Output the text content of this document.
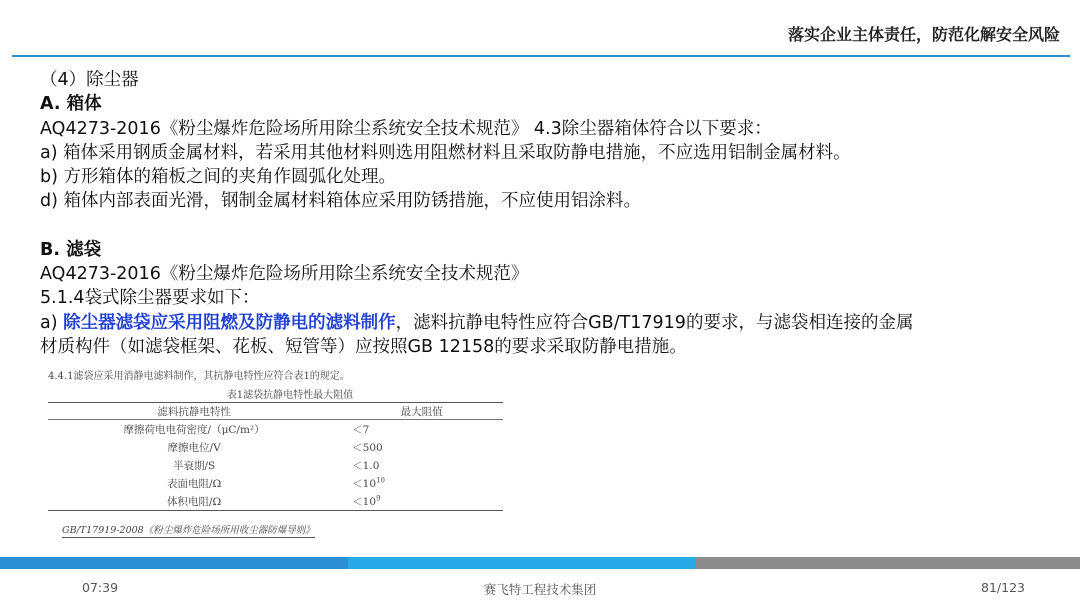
落实企业主体责任，防范化解安全风险

（4）除尘器

A. 箱体

AQ4273-2016《粉尘爆炸危险场所用除尘系统安全技术规范》 4.3除尘器箱体符合以下要求：

a) 箱体采用钢质金属材料，若采用其他材料则选用阻燃材料且采取防静电措施，不应选用铝制金属材料。

b) 方形箱体的箱板之间的夹角作圆弧化处理。

d) 箱体内部表面光滑，钢制金属材料箱体应采用防锈措施，不应使用铝涂料。

B. 滤袋

AQ4273-2016《粉尘爆炸危险场所用除尘系统安全技术规范》

5.1.4袋式除尘器要求如下：

a) 除尘器滤袋应采用阻燃及防静电的滤料制作，滤料抗静电特性应符合GB/T17919的要求，与滤袋相连接的金属

材质构件（如滤袋框架、花板、短管等）应按照GB 12158的要求采取防静电措施。

4.4.1滤袋应采用消静电滤料制作，其抗静电特性应符合表1的规定。
表1滤袋抗静电特性最大阻值
滤料抗静电特性	最大阻值
摩擦荷电电荷密度/（μC/m²）	＜7
摩擦电位/V	＜500
半衰期/S	＜1.0
表面电阻/Ω	$<10^{10}$
体积电阻/Ω	$<10^9$
GB/T17919-2008《粉尘爆炸危险场所用收尘器防爆导则》
07:39	赛飞特工程技术集团	81/123
